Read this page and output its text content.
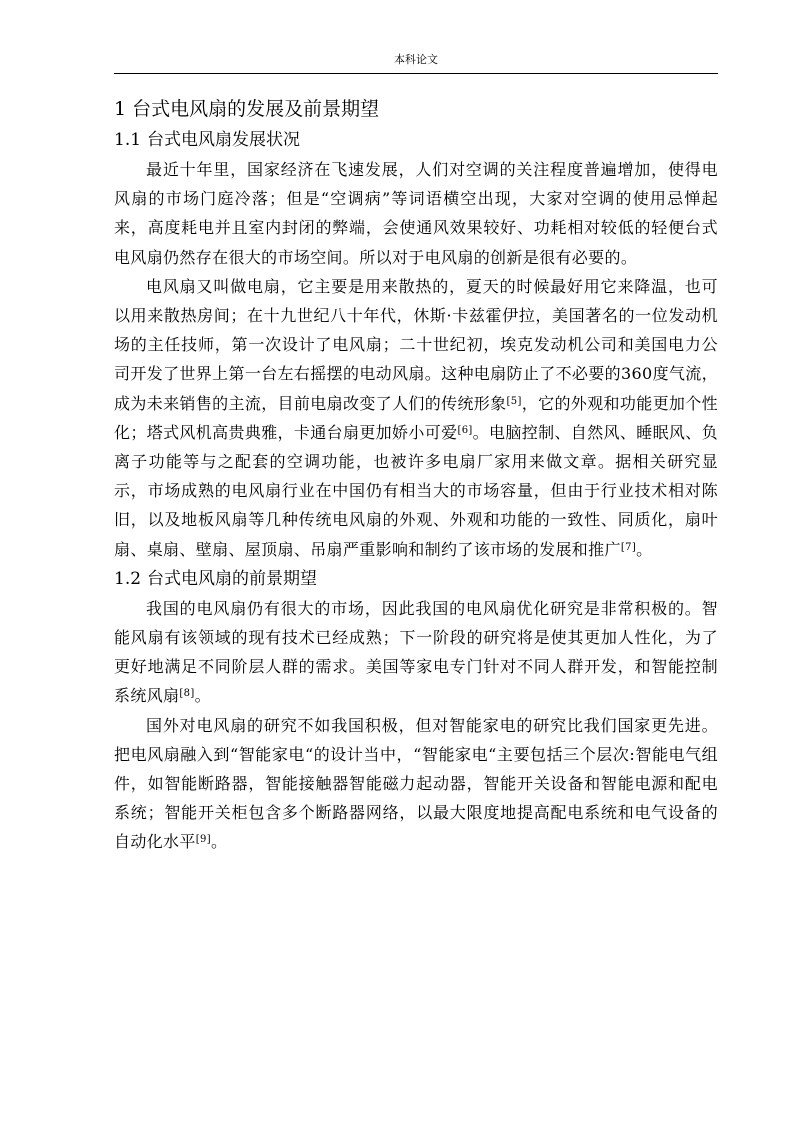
本科论文
1 台式电风扇的发展及前景期望
1.1 台式电风扇发展状况

最近十年里，国家经济在飞速发展，人们对空调的关注程度普遍增加，使得电风扇的市场门庭冷落；但是“空调病”等词语横空出现，大家对空调的使用忌惮起来，高度耗电并且室内封闭的弊端，会使通风效果较好、功耗相对较低的轻便台式电风扇仍然存在很大的市场空间。所以对于电风扇的创新是很有必要的。

电风扇又叫做电扇，它主要是用来散热的，夏天的时候最好用它来降温，也可以用来散热房间；在十九世纪八十年代，休斯·卡兹霍伊拉，美国著名的一位发动机场的主任技师，第一次设计了电风扇；二十世纪初，埃克发动机公司和美国电力公司开发了世界上第一台左右摇摆的电动风扇。这种电扇防止了不必要的360度气流，成为未来销售的主流，目前电扇改变了人们的传统形象[5]，它的外观和功能更加个性化；塔式风机高贵典雅，卡通台扇更加娇小可爱[6]。电脑控制、自然风、睡眠风、负离子功能等与之配套的空调功能，也被许多电扇厂家用来做文章。据相关研究显示，市场成熟的电风扇行业在中国仍有相当大的市场容量，但由于行业技术相对陈旧，以及地板风扇等几种传统电风扇的外观、外观和功能的一致性、同质化，扇叶扇、桌扇、壁扇、屋顶扇、吊扇严重影响和制约了该市场的发展和推广[7]。

1.2 台式电风扇的前景期望

我国的电风扇仍有很大的市场，因此我国的电风扇优化研究是非常积极的。智能风扇有该领域的现有技术已经成熟；下一阶段的研究将是使其更加人性化，为了更好地满足不同阶层人群的需求。美国等家电专门针对不同人群开发，和智能控制系统风扇[8]。

国外对电风扇的研究不如我国积极，但对智能家电的研究比我们国家更先进。 把电风扇融入到“智能家电“的设计当中，“智能家电“主要包括三个层次:智能电气组件，如智能断路器，智能接触器智能磁力起动器，智能开关设备和智能电源和配电系统；智能开关柜包含多个断路器网络，以最大限度地提高配电系统和电气设备的自动化水平[9]。
